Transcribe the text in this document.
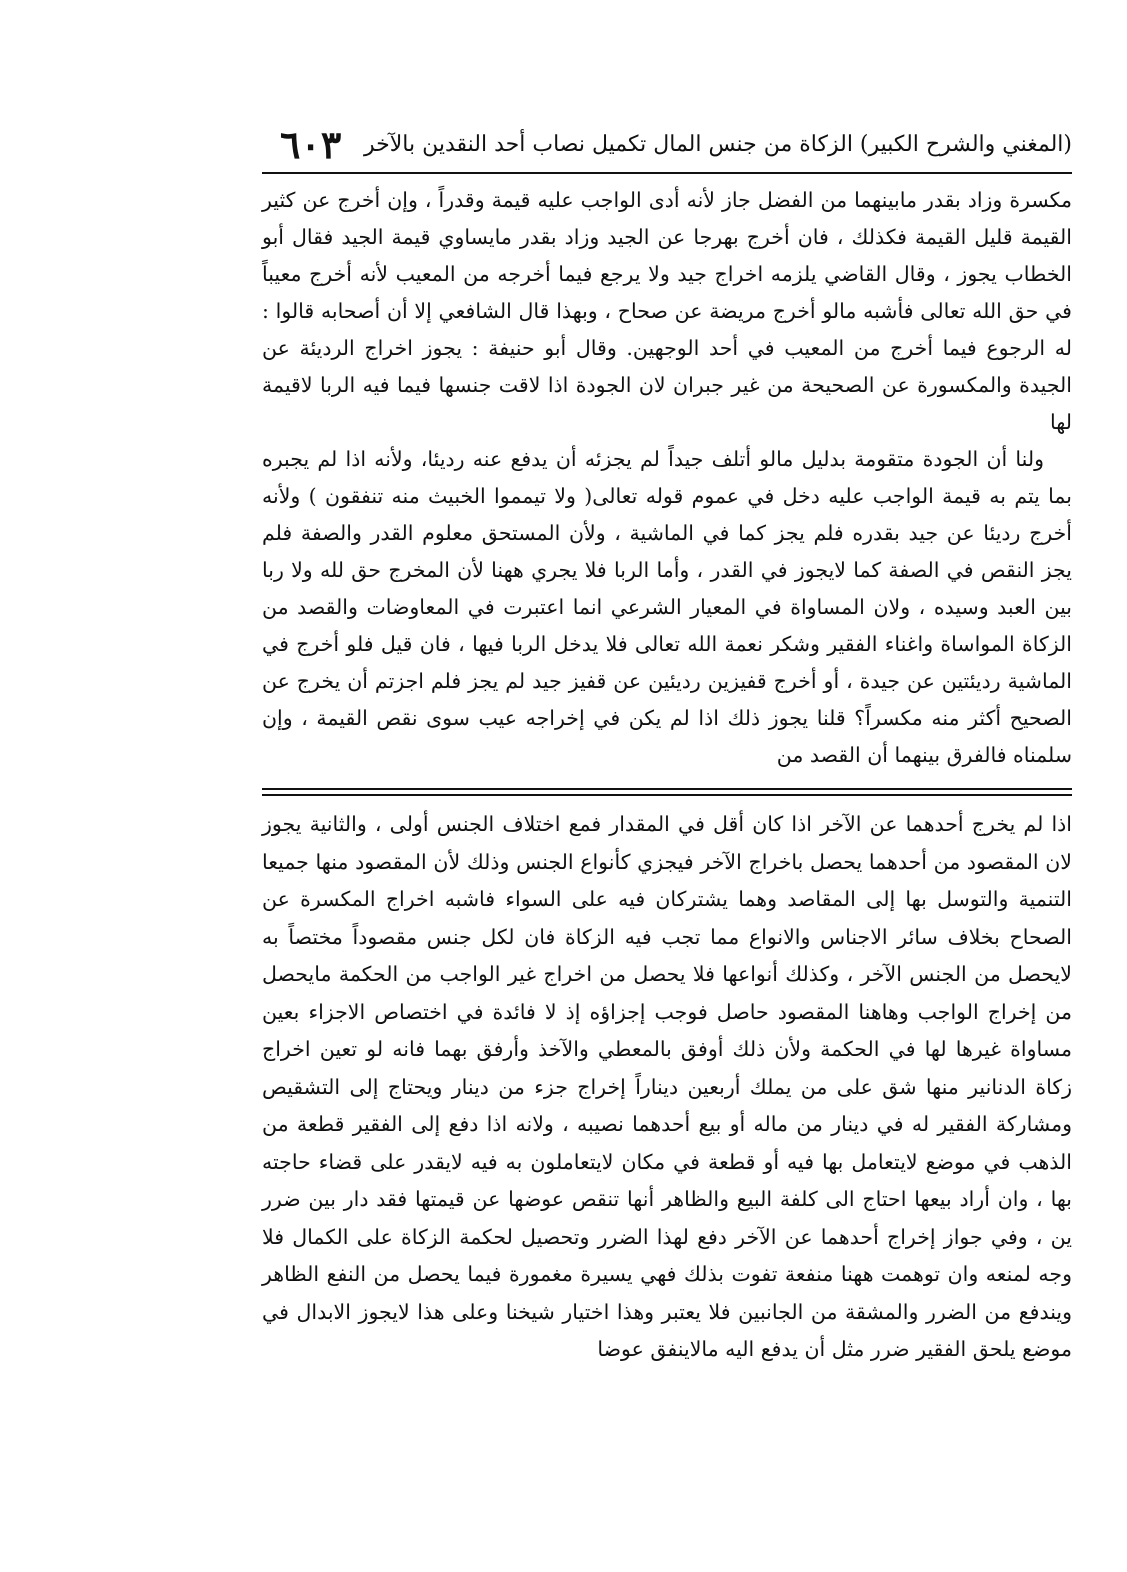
(المغني والشرح الكبير) الزكاة من جنس المال تكميل نصاب أحد النقدين بالآخر
٦٠٣

مكسرة وزاد بقدر مابينهما من الفضل جاز لأنه أدى الواجب عليه قيمة وقدراً ، وإن أخرج عن كثير القيمة قليل القيمة فكذلك ، فان أخرج بهرجا عن الجيد وزاد بقدر مايساوي قيمة الجيد فقال أبو الخطاب يجوز ، وقال القاضي يلزمه اخراج جيد ولا يرجع فيما أخرجه من المعيب لأنه أخرج معيباً في حق الله تعالى فأشبه مالو أخرج مريضة عن صحاح ، وبهذا قال الشافعي إلا أن أصحابه قالوا : له الرجوع فيما أخرج من المعيب في أحد الوجهين. وقال أبو حنيفة : يجوز اخراج الرديئة عن الجيدة والمكسورة عن الصحيحة من غير جبران لان الجودة اذا لاقت جنسها فيما فيه الربا لاقيمة لها

ولنا أن الجودة متقومة بدليل مالو أتلف جيداً لم يجزئه أن يدفع عنه رديئا، ولأنه اذا لم يجبره بما يتم به قيمة الواجب عليه دخل في عموم قوله تعالى( ولا تيمموا الخبيث منه تنفقون ) ولأنه أخرج رديئا عن جيد بقدره فلم يجز كما في الماشية ، ولأن المستحق معلوم القدر والصفة فلم يجز النقص في الصفة كما لايجوز في القدر ، وأما الربا فلا يجري ههنا لأن المخرج حق لله ولا ربا بين العبد وسيده ، ولان المساواة في المعيار الشرعي انما اعتبرت في المعاوضات والقصد من الزكاة المواساة واغناء الفقير وشكر نعمة الله تعالى فلا يدخل الربا فيها ، فان قيل فلو أخرج في الماشية رديئتين عن جيدة ، أو أخرج قفيزين رديئين عن قفيز جيد لم يجز فلم اجزتم أن يخرج عن الصحيح أكثر منه مكسراً؟ قلنا يجوز ذلك اذا لم يكن في إخراجه عيب سوى نقص القيمة ، وإن سلمناه فالفرق بينهما أن القصد من

اذا لم يخرج أحدهما عن الآخر اذا كان أقل في المقدار فمع اختلاف الجنس أولى ، والثانية يجوز لان المقصود من أحدهما يحصل باخراج الآخر فيجزي كأنواع الجنس وذلك لأن المقصود منها جميعا التنمية والتوسل بها إلى المقاصد وهما يشتركان فيه على السواء فاشبه اخراج المكسرة عن الصحاح بخلاف سائر الاجناس والانواع مما تجب فيه الزكاة فان لكل جنس مقصوداً مختصاً به لايحصل من الجنس الآخر ، وكذلك أنواعها فلا يحصل من اخراج غير الواجب من الحكمة مايحصل من إخراج الواجب وهاهنا المقصود حاصل فوجب إجزاؤه إذ لا فائدة في اختصاص الاجزاء بعين مساواة غيرها لها في الحكمة ولأن ذلك أوفق بالمعطي والآخذ وأرفق بهما فانه لو تعين اخراج زكاة الدنانير منها شق على من يملك أربعين ديناراً إخراج جزء من دينار ويحتاج إلى التشقيص ومشاركة الفقير له في دينار من ماله أو بيع أحدهما نصيبه ، ولانه اذا دفع إلى الفقير قطعة من الذهب في موضع لايتعامل بها فيه أو قطعة في مكان لايتعاملون به فيه لايقدر على قضاء حاجته بها ، وان أراد بيعها احتاج الى كلفة البيع والظاهر أنها تنقص عوضها عن قيمتها فقد دار بين ضرر ين ، وفي جواز إخراج أحدهما عن الآخر دفع لهذا الضرر وتحصيل لحكمة الزكاة على الكمال فلا وجه لمنعه وان توهمت ههنا منفعة تفوت بذلك فهي يسيرة مغمورة فيما يحصل من النفع الظاهر ويندفع من الضرر والمشقة من الجانبين فلا يعتبر وهذا اختيار شيخنا وعلى هذا لايجوز الابدال في موضع يلحق الفقير ضرر مثل أن يدفع اليه مالاينفق عوضا
